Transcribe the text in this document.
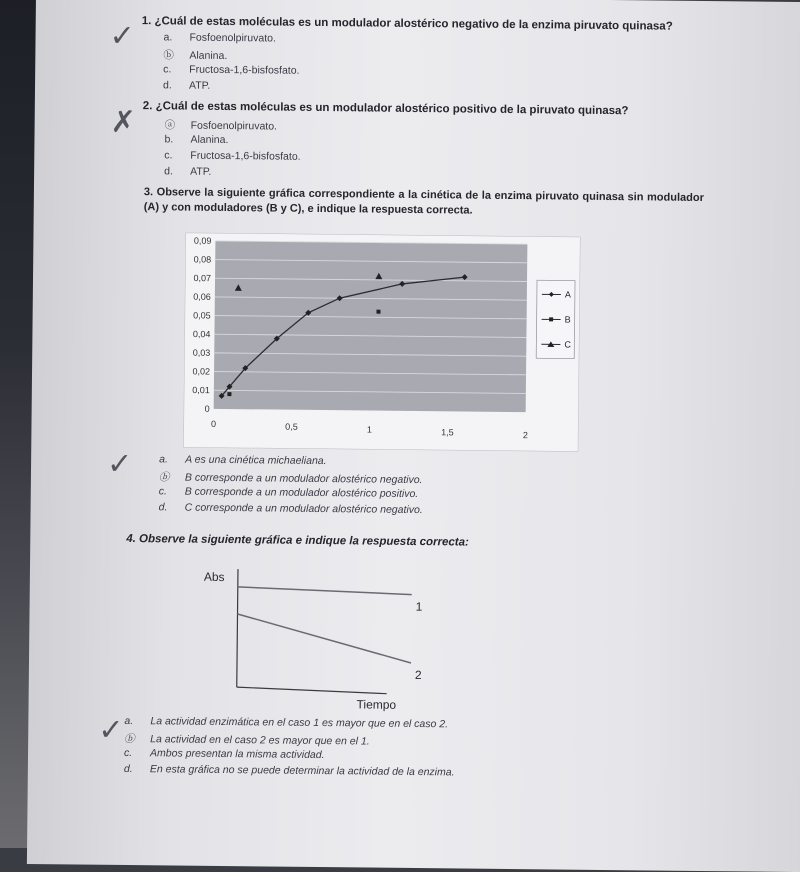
1. ¿Cuál de estas moléculas es un modulador alostérico negativo de la enzima piruvato quinasa?
✓	a. Fosfoenolpiruvato.
ⓑ Alanina.
c. Fructosa-1,6-bisfosfato.
d. ATP.
2. ¿Cuál de estas moléculas es un modulador alostérico positivo de la piruvato quinasa?
✗	ⓐ Fosfoenolpiruvato.
b. Alanina.
c. Fructosa-1,6-bisfosfato.
d. ATP.
3. Observe la siguiente gráfica correspondiente a la cinética de la enzima piruvato quinasa sin modulador (A) y con moduladores (B y C), e indique la respuesta correcta.
0
0,01
0,02
0,03
0,04
0,05
0,06
0,07
0,08
0,09
0	0,5	1	1,5	2
A
B
C
✓	a. A es una cinética michaeliana.
ⓑ B corresponde a un modulador alostérico negativo.
c. B corresponde a un modulador alostérico positivo.
d. C corresponde a un modulador alostérico negativo.
4. Observe la siguiente gráfica e indique la respuesta correcta:
Abs
Tiempo
1
2
✓ a. La actividad enzimática en el caso 1 es mayor que en el caso 2.
ⓑ La actividad en el caso 2 es mayor que en el 1.
c. Ambos presentan la misma actividad.
d. En esta gráfica no se puede determinar la actividad de la enzima.
